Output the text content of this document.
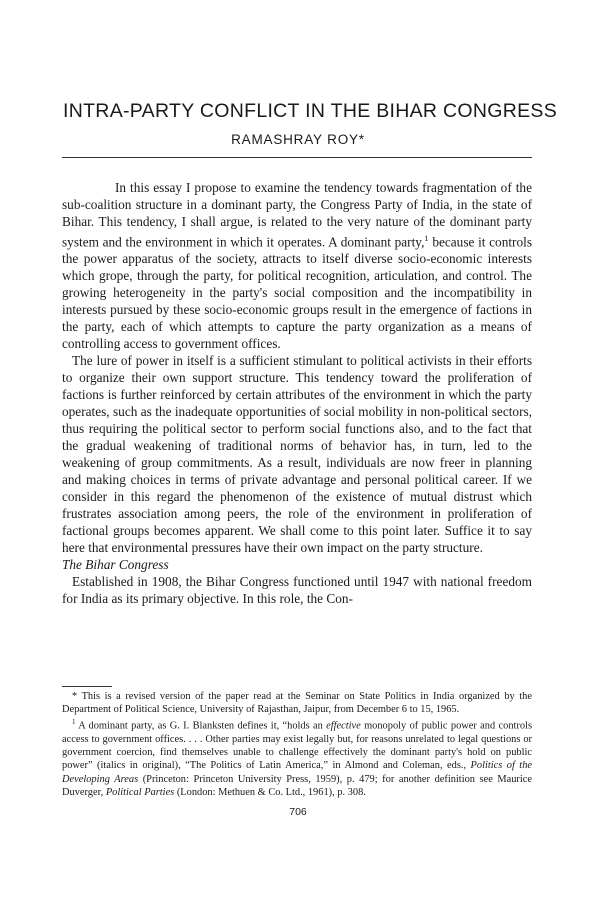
INTRA-PARTY CONFLICT IN THE BIHAR CONGRESS
RAMASHRAY ROY*

In this essay I propose to examine the tendency towards fragmentation of the sub-coalition structure in a dominant party, the Congress Party of India, in the state of Bihar. This tendency, I shall argue, is related to the very nature of the dominant party system and the environment in which it operates. A dominant party,$^1$ because it controls the power apparatus of the society, attracts to itself diverse socio-economic interests which grope, through the party, for political recognition, articulation, and control. The growing heterogeneity in the party's social composition and the incompatibility in interests pursued by these socio-economic groups result in the emergence of factions in the party, each of which attempts to capture the party organization as a means of controlling access to government offices.

The lure of power in itself is a sufficient stimulant to political activists in their efforts to organize their own support structure. This tendency toward the proliferation of factions is further reinforced by certain attributes of the environment in which the party operates, such as the inadequate opportunities of social mobility in non-political sectors, thus requiring the political sector to perform social functions also, and to the fact that the gradual weakening of traditional norms of behavior has, in turn, led to the weakening of group commitments. As a result, individuals are now freer in planning and making choices in terms of private advantage and personal political career. If we consider in this regard the phenomenon of the existence of mutual distrust which frustrates association among peers, the role of the environment in proliferation of factional groups becomes apparent. We shall come to this point later. Suffice it to say here that environmental pressures have their own impact on the party structure.

The Bihar Congress

Established in 1908, the Bihar Congress functioned until 1947 with national freedom for India as its primary objective. In this role, the Con-

* This is a revised version of the paper read at the Seminar on State Politics in India organized by the Department of Political Science, University of Rajasthan, Jaipur, from December 6 to 15, 1965.

$^1$ A dominant party, as G. I. Blanksten defines it, “holds an effective monopoly of public power and controls access to government offices. . . . Other parties may exist legally but, for reasons unrelated to legal questions or government coercion, find themselves unable to challenge effectively the dominant party's hold on public power” (italics in original), “The Politics of Latin America,” in Almond and Coleman, eds., Politics of the Developing Areas (Princeton: Princeton University Press, 1959), p. 479; for another definition see Maurice Duverger, Political Parties (London: Methuen & Co. Ltd., 1961), p. 308.

706
